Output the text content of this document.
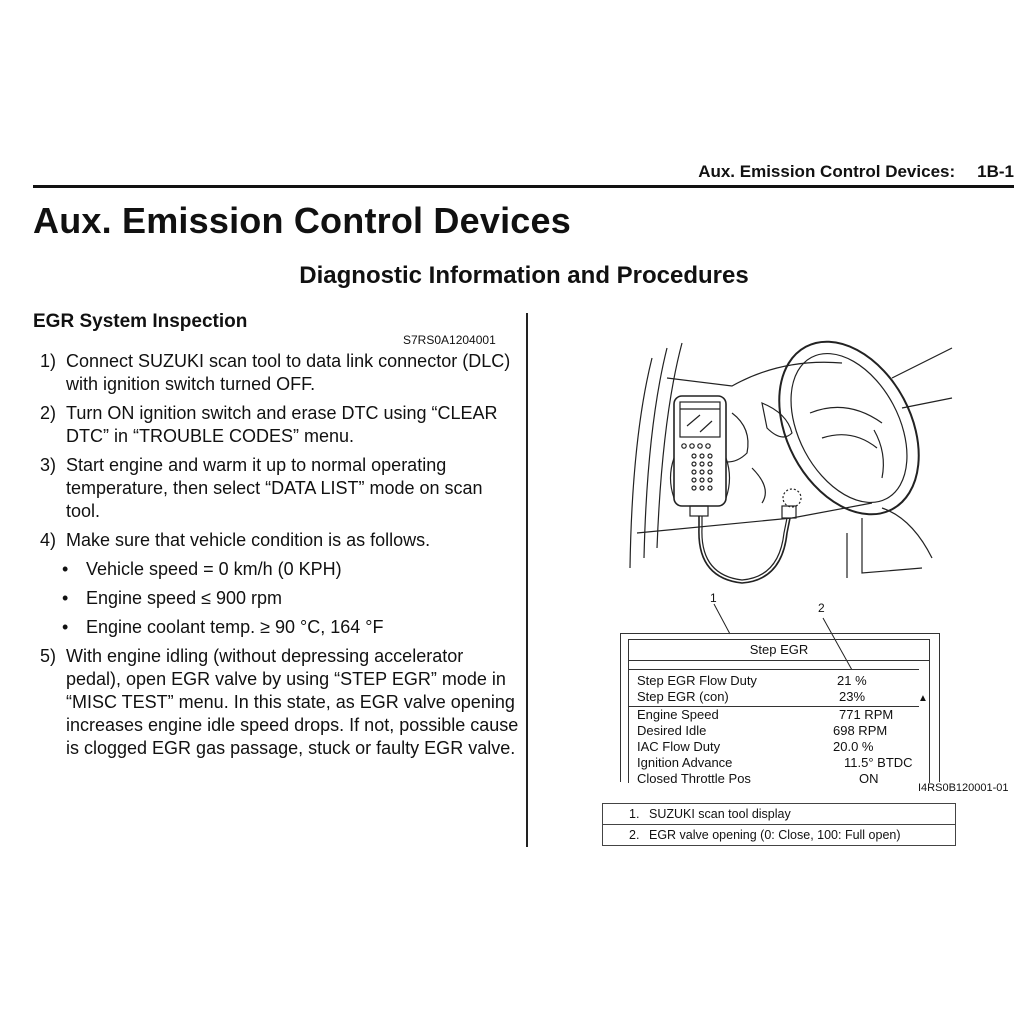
Aux. Emission Control Devices: 1B-1
Aux. Emission Control Devices
Diagnostic Information and Procedures
EGR System Inspection
S7RS0A1204001
1) Connect SUZUKI scan tool to data link connector (DLC) with ignition switch turned OFF.
2) Turn ON ignition switch and erase DTC using “CLEAR DTC” in “TROUBLE CODES” menu.
3) Start engine and warm it up to normal operating temperature, then select “DATA LIST” mode on scan tool.
4) Make sure that vehicle condition is as follows.
• Vehicle speed = 0 km/h (0 KPH)
• Engine speed ≤ 900 rpm
• Engine coolant temp. ≥ 90 °C, 164 °F
5) With engine idling (without depressing accelerator pedal), open EGR valve by using “STEP EGR” mode in “MISC TEST” menu. In this state, as EGR valve opening increases engine idle speed drops. If not, possible cause is clogged EGR gas passage, stuck or faulty EGR valve.
1
2
Step EGR
Step EGR Flow Duty	21 %
Step EGR (con)	23%
Engine Speed	771 RPM
Desired Idle	698 RPM
IAC Flow Duty	20.0 %
Ignition Advance	11.5° BTDC
Closed Throttle Pos	ON
▲
I4RS0B120001-01
1. SUZUKI scan tool display
2. EGR valve opening (0: Close, 100: Full open)
